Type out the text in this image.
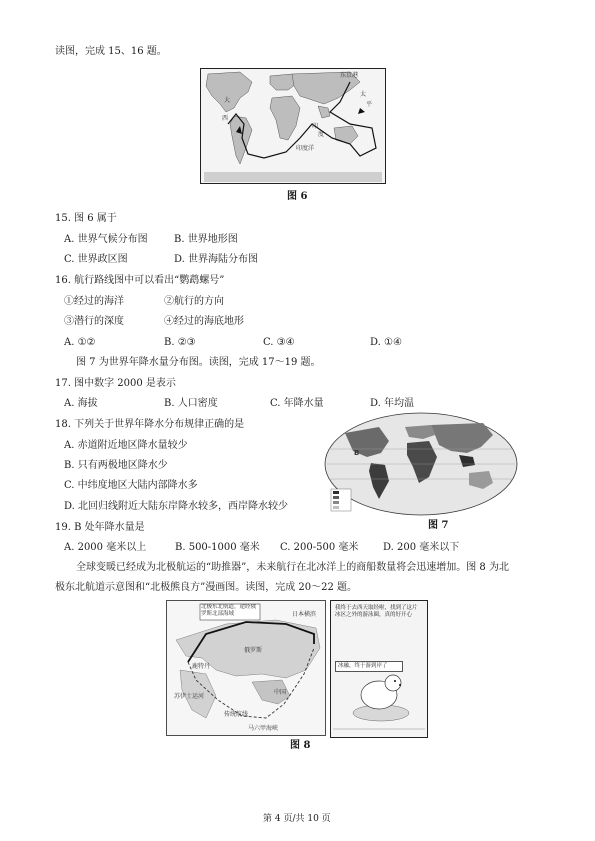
读图，完成 15、16 题。
东京港
大
西
印
度
太
平
印度洋
图 6
15. 图 6 属于
A. 世界气候分布图	B. 世界地形图
C. 世界政区图	D. 世界海陆分布图
16. 航行路线图中可以看出“鹦鹉螺号”
①经过的海洋	②航行的方向
③潜行的深度	④经过的海底地形
A. ①②	B. ②③	C. ③④	D. ①④
图 7 为世界年降水量分布图。读图，完成 17～19 题。
17. 图中数字 2000 是表示
A. 海拔	B. 人口密度	C. 年降水量	D. 年均温
18. 下列关于世界年降水分布规律正确的是
A. 赤道附近地区降水量较少
B. 只有两极地区降水少
C. 中纬度地区大陆内部降水多
D. 北回归线附近大陆东岸降水较多，西岸降水较少
B
图 7
19. B 处年降水量是
A. 2000 毫米以上	B. 500-1000 毫米 C. 200-500 毫米 D. 200 毫米以下
全球变暖已经成为北极航运的“助推器”，未来航行在北冰洋上的商船数量将会迅速增加。图 8 为北
极东北航道示意图和“北极熊良方”漫画图。读图，完成 20～22 题。
北极东北航道，途经俄罗斯北部海域
俄罗斯
中国
鹿特丹
苏伊士运河
马六甲海峡
日本横滨
传统航线
我终于去西天取经啦，找到了这片冰区之外的游泳圈，真的好开心
冰融，终于游到岸了
图 8
第 4 页/共 10 页
